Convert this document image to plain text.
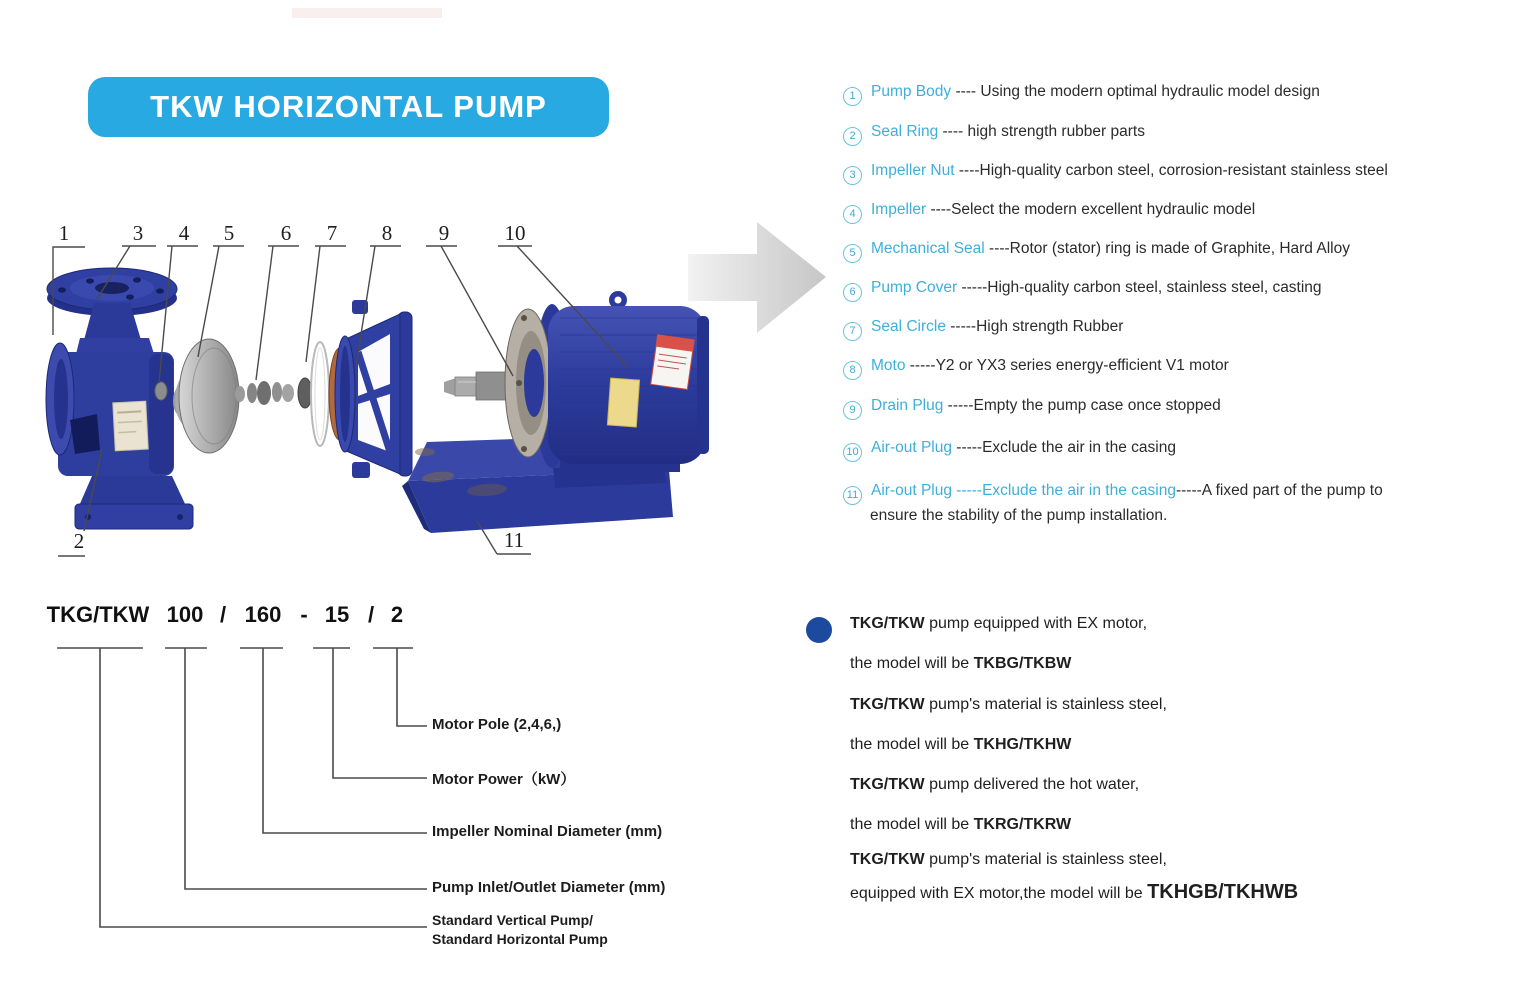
TKW HORIZONTAL PUMP
1	3 4 5 6 7 8 9	10
2	11
1 Pump Body ---- Using the modern optimal hydraulic model design
2 Seal Ring ---- high strength rubber parts
3 Impeller Nut ----High-quality carbon steel, corrosion-resistant stainless steel
4 Impeller ----Select the modern excellent hydraulic model
5 Mechanical Seal ----Rotor (stator) ring is made of Graphite, Hard Alloy
6 Pump Cover -----High-quality carbon steel, stainless steel, casting
7 Seal Circle -----High strength Rubber
8 Moto -----Y2 or YX3 series energy-efficient V1 motor
9 Drain Plug -----Empty the pump case once stopped
10 Air-out Plug -----Exclude the air in the casing
11 Air-out Plug -----Exclude the air in the casing-----A fixed part of the pump to
ensure the stability of the pump installation.
TKG/TKW 100 / 160 - 15 / 2
Motor Pole (2,4,6,)
Motor Power（kW）
Impeller Nominal Diameter (mm)
Pump Inlet/Outlet Diameter (mm)
Standard Vertical Pump/
Standard Horizontal Pump
TKG/TKW pump equipped with EX motor,
the model will be TKBG/TKBW
TKG/TKW pump's material is stainless steel,
the model will be TKHG/TKHW
TKG/TKW pump delivered the hot water,
the model will be TKRG/TKRW
TKG/TKW pump's material is stainless steel,
equipped with EX motor,the model will be TKHGB/TKHWB
